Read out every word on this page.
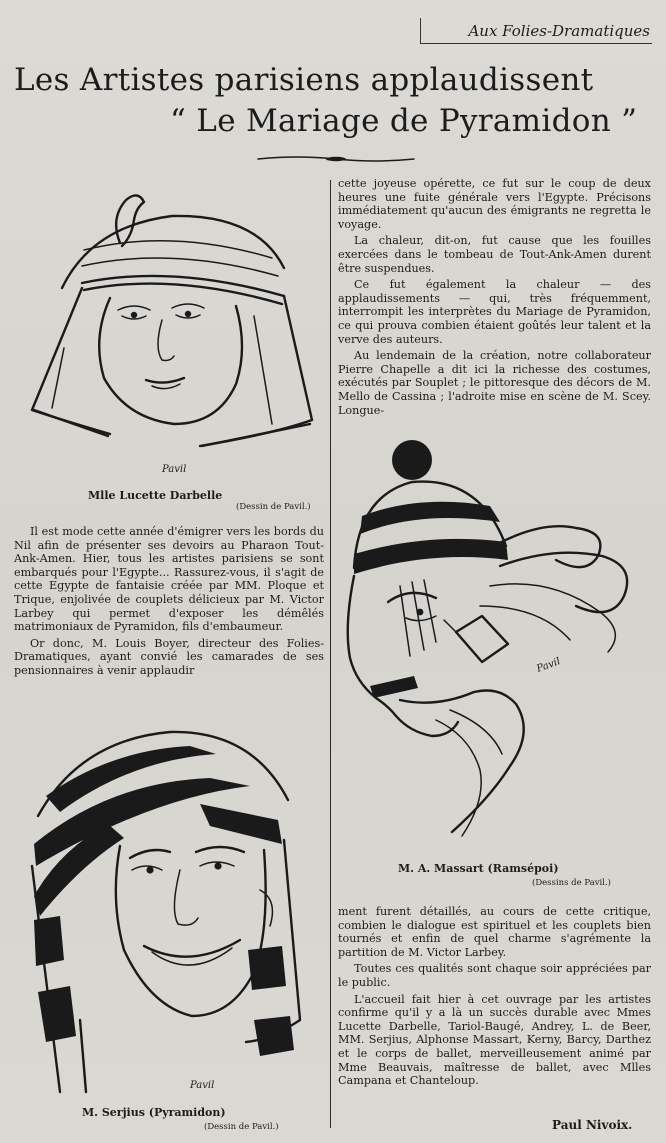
Aux Folies-Dramatiques
Les Artistes parisiens applaudissent
“ Le Mariage de Pyramidon ”
Pavil
Mlle Lucette Darbelle
(Dessin de Pavil.)

cette joyeuse opérette, ce fut sur le coup de deux heures une fuite générale vers l'Egypte. Précisons immédiatement qu'aucun des émigrants ne regretta le voyage.

La chaleur, dit-on, fut cause que les fouilles exercées dans le tombeau de Tout-Ank-Amen durent être suspendues.

Ce fut également la chaleur — des applaudissements — qui, très fréquemment, interrompit les interprètes du Mariage de Pyramidon, ce qui prouva combien étaient goûtés leur talent et la verve des auteurs.

Au lendemain de la création, notre collaborateur Pierre Chapelle a dit ici la richesse des costumes, exécutés par Souplet ; le pittoresque des décors de M. Mello de Cassina ; l'adroite mise en scène de M. Scey. Longue-

Il est mode cette année d'émigrer vers les bords du Nil afin de présenter ses devoirs au Pharaon Tout-Ank-Amen. Hier, tous les artistes parisiens se sont embarqués pour l'Egypte... Rassurez-vous, il s'agit de cette Egypte de fantaisie créée par MM. Ploque et Trique, enjolivée de couplets délicieux par M. Victor Larbey qui permet d'exposer les démêlés matrimoniaux de Pyramidon, fils d'embaumeur.

Or donc, M. Louis Boyer, directeur des Folies-Dramatiques, ayant convié les camarades de ses pensionnaires à venir applaudir	Pavil
M. A. Massart (Ramsépoi)
(Dessins de Pavil.)
Pavil
M. Serjius (Pyramidon)
(Dessin de Pavil.)

ment furent détaillés, au cours de cette critique, combien le dialogue est spirituel et les couplets bien tournés et enfin de quel charme s'agrémente la partition de M. Victor Larbey.

Toutes ces qualités sont chaque soir appréciées par le public.

L'accueil fait hier à cet ouvrage par les artistes confirme qu'il y a là un succès durable avec Mmes Lucette Darbelle, Tariol-Baugé, Andrey, L. de Beer, MM. Serjius, Alphonse Massart, Kerny, Barcy, Darthez et le corps de ballet, merveilleusement animé par Mme Beauvais, maîtresse de ballet, avec Mlles Campana et Chanteloup.

Paul Nivoix.
